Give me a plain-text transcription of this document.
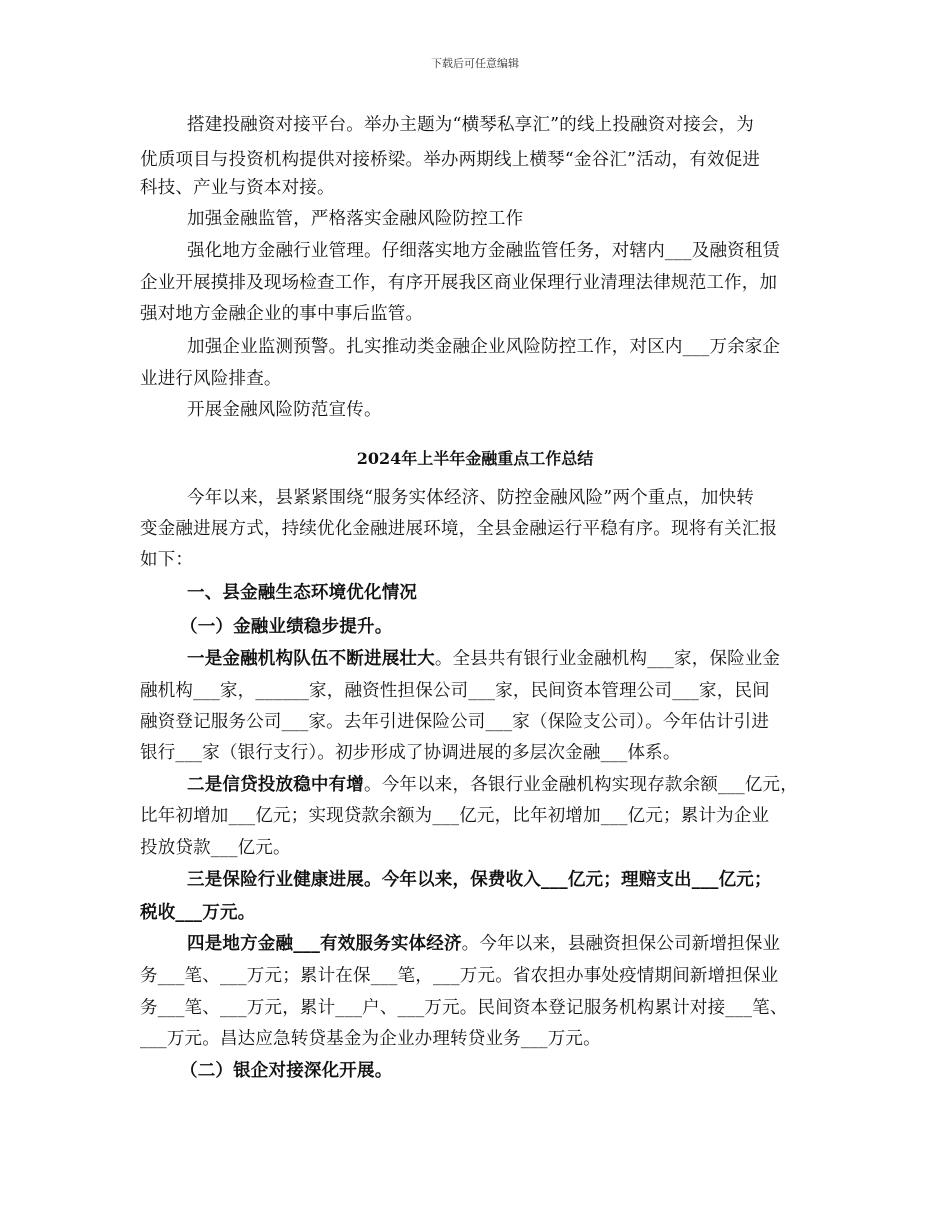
下载后可任意编辑
搭建投融资对接平台。举办主题为“横琴私享汇”的线上投融资对接会，为
优质项目与投资机构提供对接桥梁。举办两期线上横琴“金谷汇”活动，有效促进
科技、产业与资本对接。
加强金融监管，严格落实金融风险防控工作
强化地方金融行业管理。仔细落实地方金融监管任务，对辖内___及融资租赁
企业开展摸排及现场检查工作，有序开展我区商业保理行业清理法律规范工作，加
强对地方金融企业的事中事后监管。
加强企业监测预警。扎实推动类金融企业风险防控工作，对区内___万余家企
业进行风险排查。
开展金融风险防范宣传。
2024年上半年金融重点工作总结
今年以来，县紧紧围绕“服务实体经济、防控金融风险”两个重点，加快转
变金融进展方式，持续优化金融进展环境，全县金融运行平稳有序。现将有关汇报
如下：
一、县金融生态环境优化情况
（一）金融业绩稳步提升。
一是金融机构队伍不断进展壮大。全县共有银行业金融机构___家，保险业金
融机构___家，______家，融资性担保公司___家，民间资本管理公司___家，民间
融资登记服务公司___家。去年引进保险公司___家（保险支公司）。今年估计引进
银行___家（银行支行）。初步形成了协调进展的多层次金融___体系。
二是信贷投放稳中有增。今年以来，各银行业金融机构实现存款余额___亿元，
比年初增加___亿元；实现贷款余额为___亿元，比年初增加___亿元；累计为企业
投放贷款___亿元。
三是保险行业健康进展。今年以来，保费收入___亿元；理赔支出___亿元；
税收___万元。
四是地方金融___有效服务实体经济。今年以来，县融资担保公司新增担保业
务___笔、___万元；累计在保___笔，___万元。省农担办事处疫情期间新增担保业
务___笔、___万元，累计___户、___万元。民间资本登记服务机构累计对接___笔、
___万元。昌达应急转贷基金为企业办理转贷业务___万元。
（二）银企对接深化开展。
